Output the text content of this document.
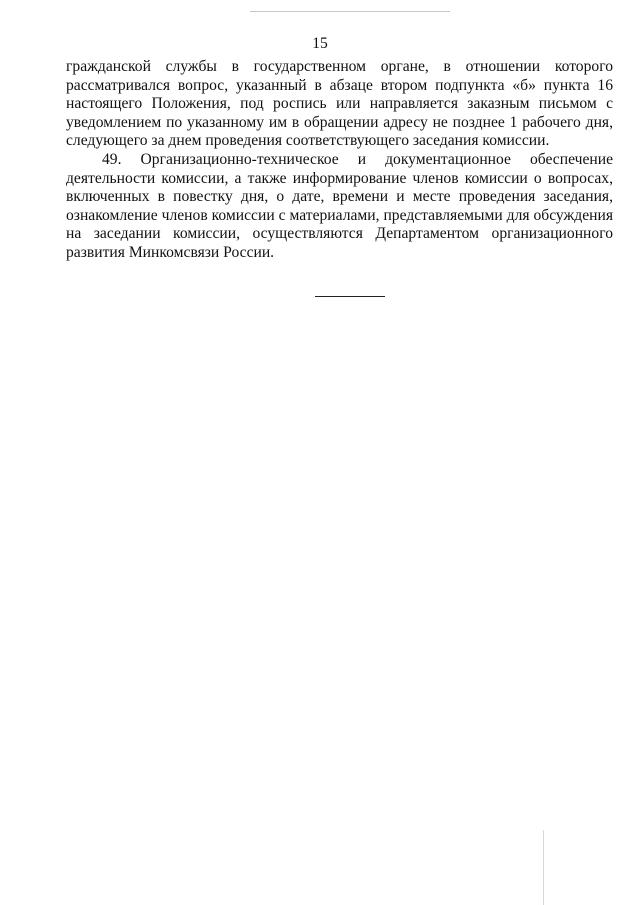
15

гражданской службы в государственном органе, в отношении которого рассматривался вопрос, указанный в абзаце втором подпункта «б» пункта 16 настоящего Положения, под роспись или направляется заказным письмом с уведомлением по указанному им в обращении адресу не позднее 1 рабочего дня, следующего за днем проведения соответствующего заседания комиссии.

49. Организационно-техническое и документационное обеспечение деятельности комиссии, а также информирование членов комиссии о вопросах, включенных в повестку дня, о дате, времени и месте проведения заседания, ознакомление членов комиссии с материалами, представляемыми для обсуждения на заседании комиссии, осуществляются Департаментом организационного развития Минкомсвязи России.
